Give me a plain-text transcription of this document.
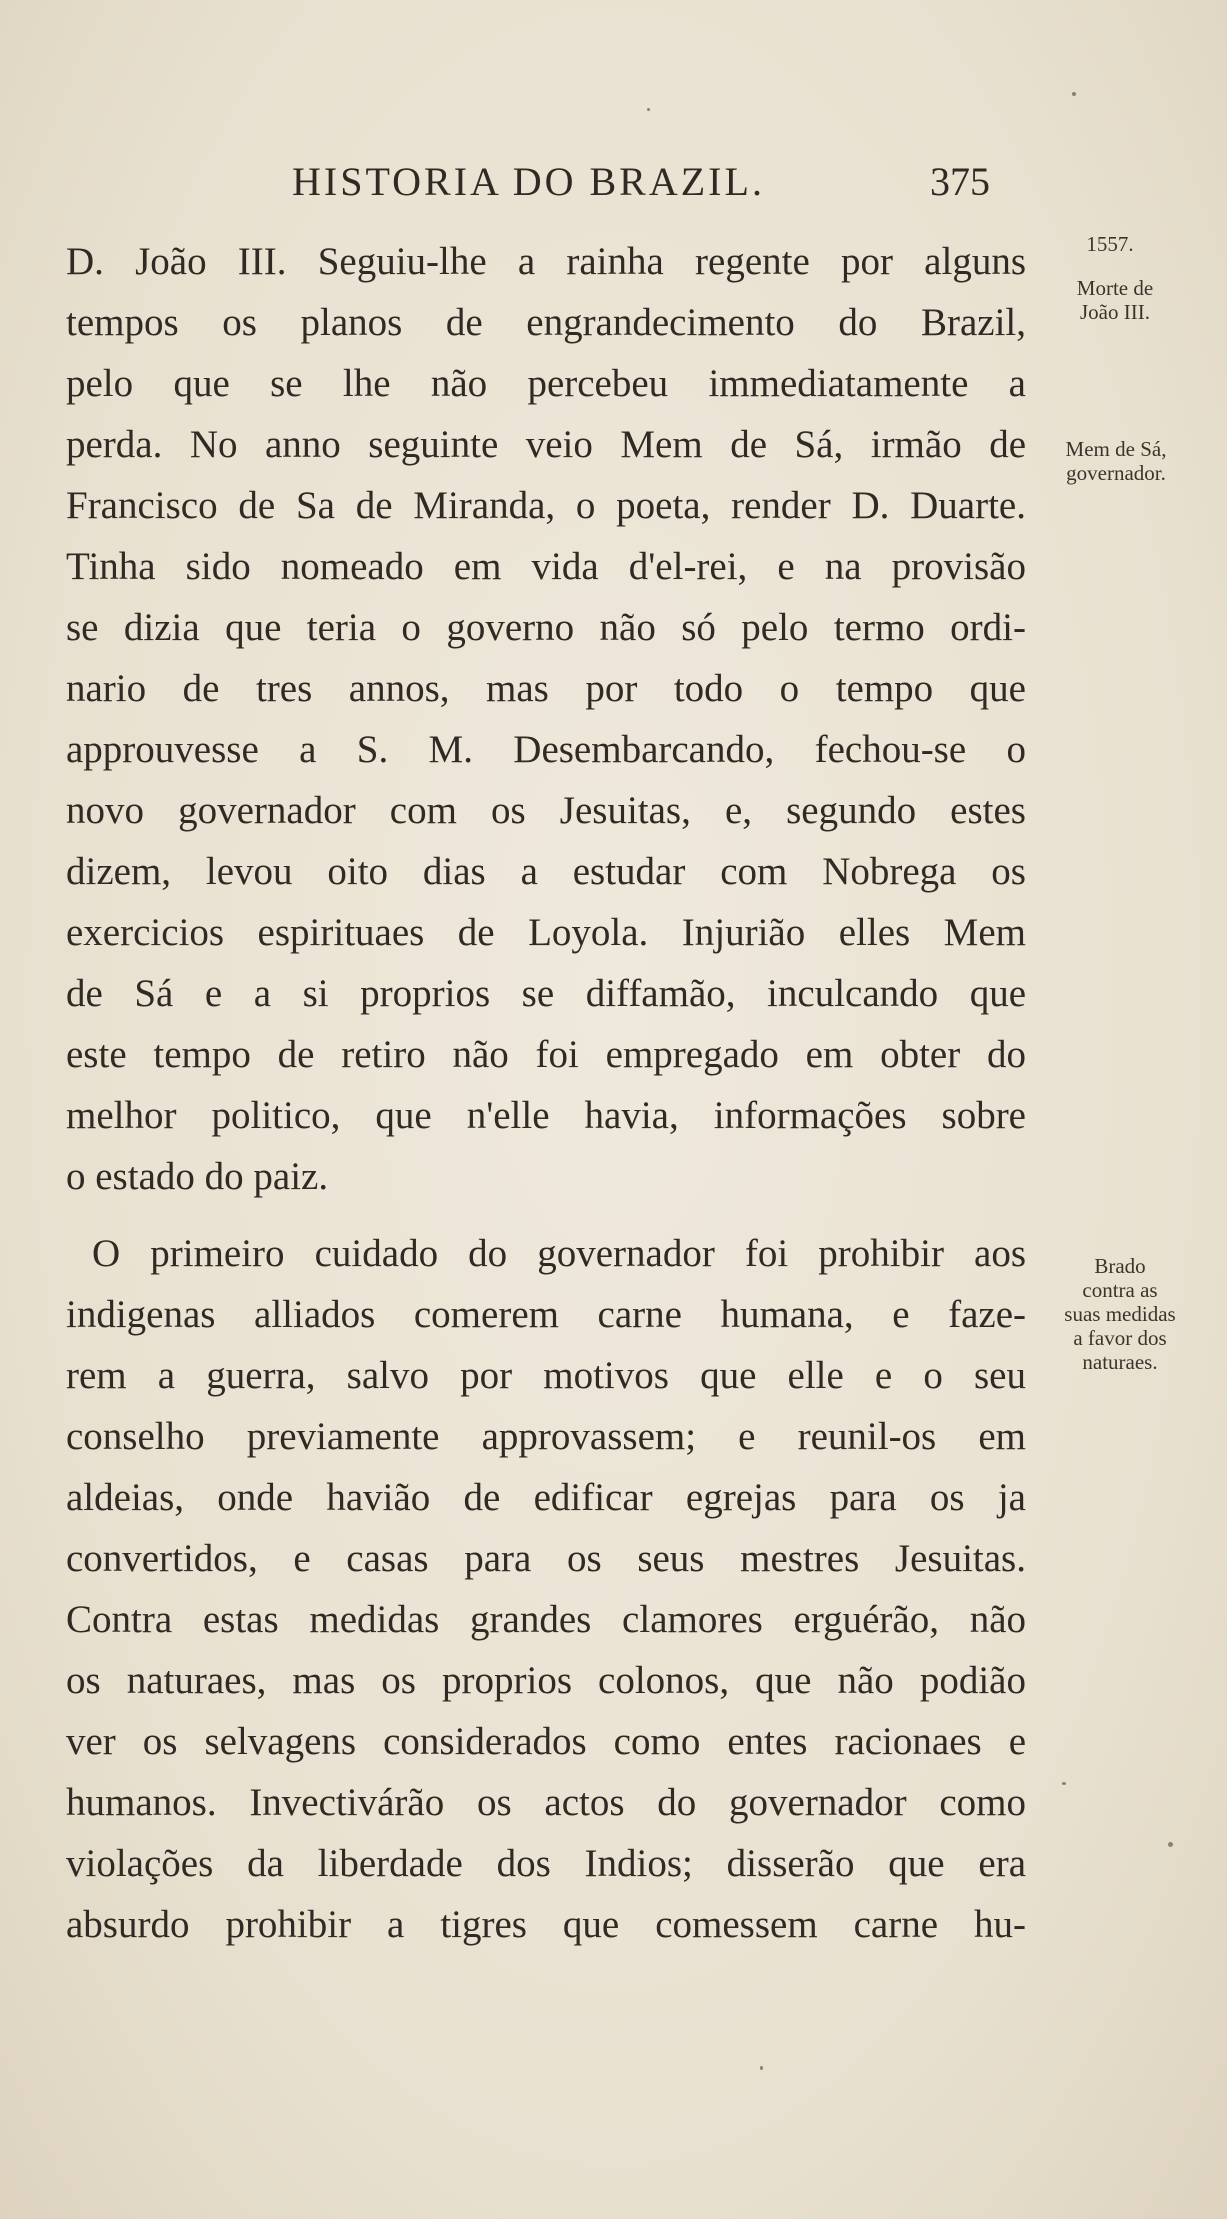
HISTORIA DO BRAZIL.	375
D. João III. Seguiu-lhe a rainha regente por alguns
tempos os planos de engrandecimento do Brazil,
pelo que se lhe não percebeu immediatamente a
perda. No anno seguinte veio Mem de Sá, irmão de
Francisco de Sa de Miranda, o poeta, render D. Duarte.
Tinha sido nomeado em vida d'el-rei, e na provisão
se dizia que teria o governo não só pelo termo ordi-
nario de tres annos, mas por todo o tempo que
approuvesse a S. M. Desembarcando, fechou-se o
novo governador com os Jesuitas, e, segundo estes
dizem, levou oito dias a estudar com Nobrega os
exercicios espirituaes de Loyola. Injurião elles Mem
de Sá e a si proprios se diffamão, inculcando que
este tempo de retiro não foi empregado em obter do
melhor politico, que n'elle havia, informações sobre
o estado do paiz.
O primeiro cuidado do governador foi prohibir aos
indigenas alliados comerem carne humana, e faze-
rem a guerra, salvo por motivos que elle e o seu
conselho previamente approvassem; e reunil-os em
aldeias, onde havião de edificar egrejas para os ja
convertidos, e casas para os seus mestres Jesuitas.
Contra estas medidas grandes clamores erguérão, não
os naturaes, mas os proprios colonos, que não podião
ver os selvagens considerados como entes racionaes e
humanos. Invectivárão os actos do governador como
violações da liberdade dos Indios; disserão que era
absurdo prohibir a tigres que comessem carne hu-
1557.
Morte de
João III.
Mem de Sá,
governador.
Brado
contra as
suas medidas
a favor dos
naturaes.
